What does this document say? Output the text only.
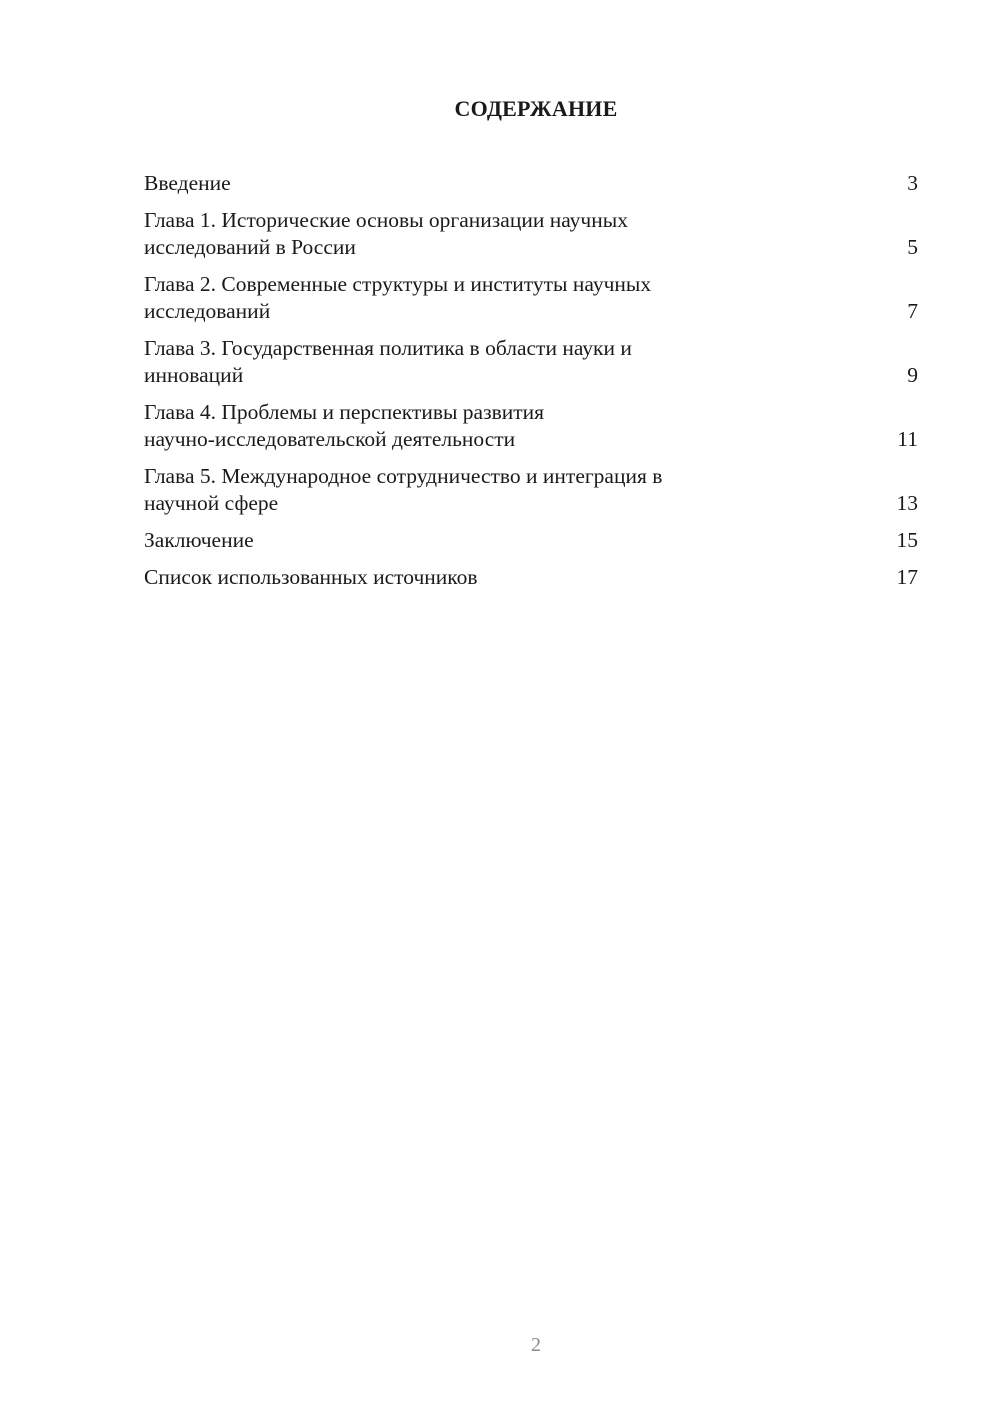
СОДЕРЖАНИЕ
Введение	3
Глава 1. Исторические основы организации научных
исследований в России	5
Глава 2. Современные структуры и институты научных
исследований	7
Глава 3. Государственная политика в области науки и
инноваций	9
Глава 4. Проблемы и перспективы развития
научно-исследовательской деятельности	11
Глава 5. Международное сотрудничество и интеграция в
научной сфере	13
Заключение	15
Список использованных источников	17
2
